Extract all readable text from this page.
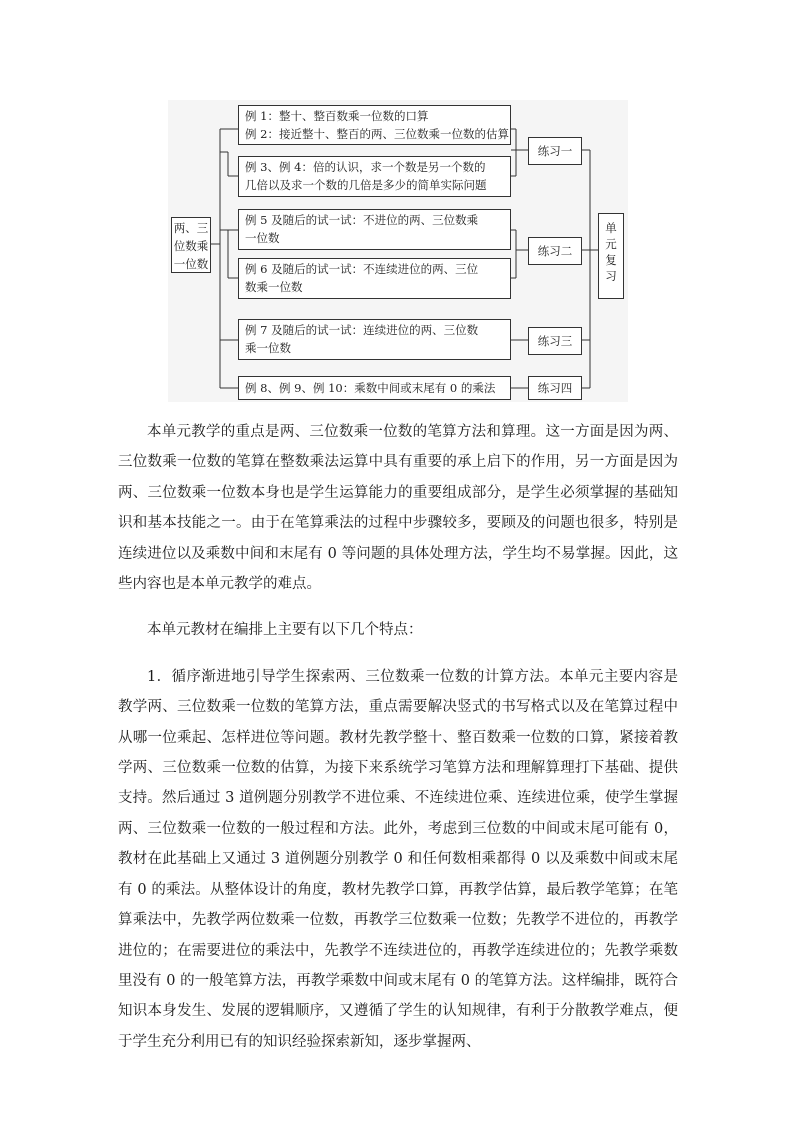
两、三
位数乘
一位数
例 1：整十、整百数乘一位数的口算
例 2：接近整十、整百的两、三位数乘一位数的估算
例 3、例 4：倍的认识，求一个数是另一个数的
几倍以及求一个数的几倍是多少的简单实际问题
例 5 及随后的试一试：不进位的两、三位数乘
一位数
例 6 及随后的试一试：不连续进位的两、三位
数乘一位数
例 7 及随后的试一试：连续进位的两、三位数
乘一位数
例 8、例 9、例 10：乘数中间或末尾有 0 的乘法
练习一
练习二
练习三
练习四
单
元
复
习

本单元教学的重点是两、三位数乘一位数的笔算方法和算理。这一方面是因为两、三位数乘一位数的笔算在整数乘法运算中具有重要的承上启下的作用，另一方面是因为两、三位数乘一位数本身也是学生运算能力的重要组成部分，是学生必须掌握的基础知识和基本技能之一。由于在笔算乘法的过程中步骤较多，要顾及的问题也很多，特别是连续进位以及乘数中间和末尾有 0 等问题的具体处理方法，学生均不易掌握。因此，这些内容也是本单元教学的难点。

本单元教材在编排上主要有以下几个特点：

1．循序渐进地引导学生探索两、三位数乘一位数的计算方法。本单元主要内容是教学两、三位数乘一位数的笔算方法，重点需要解决竖式的书写格式以及在笔算过程中从哪一位乘起、怎样进位等问题。教材先教学整十、整百数乘一位数的口算，紧接着教学两、三位数乘一位数的估算，为接下来系统学习笔算方法和理解算理打下基础、提供支持。然后通过 3 道例题分别教学不进位乘、不连续进位乘、连续进位乘，使学生掌握两、三位数乘一位数的一般过程和方法。此外，考虑到三位数的中间或末尾可能有 0，教材在此基础上又通过 3 道例题分别教学 0 和任何数相乘都得 0 以及乘数中间或末尾有 0 的乘法。从整体设计的角度，教材先教学口算，再教学估算，最后教学笔算；在笔算乘法中，先教学两位数乘一位数，再教学三位数乘一位数；先教学不进位的，再教学进位的；在需要进位的乘法中，先教学不连续进位的，再教学连续进位的；先教学乘数里没有 0 的一般笔算方法，再教学乘数中间或末尾有 0 的笔算方法。这样编排，既符合知识本身发生、发展的逻辑顺序，又遵循了学生的认知规律，有利于分散教学难点，便于学生充分利用已有的知识经验探索新知，逐步掌握两、
